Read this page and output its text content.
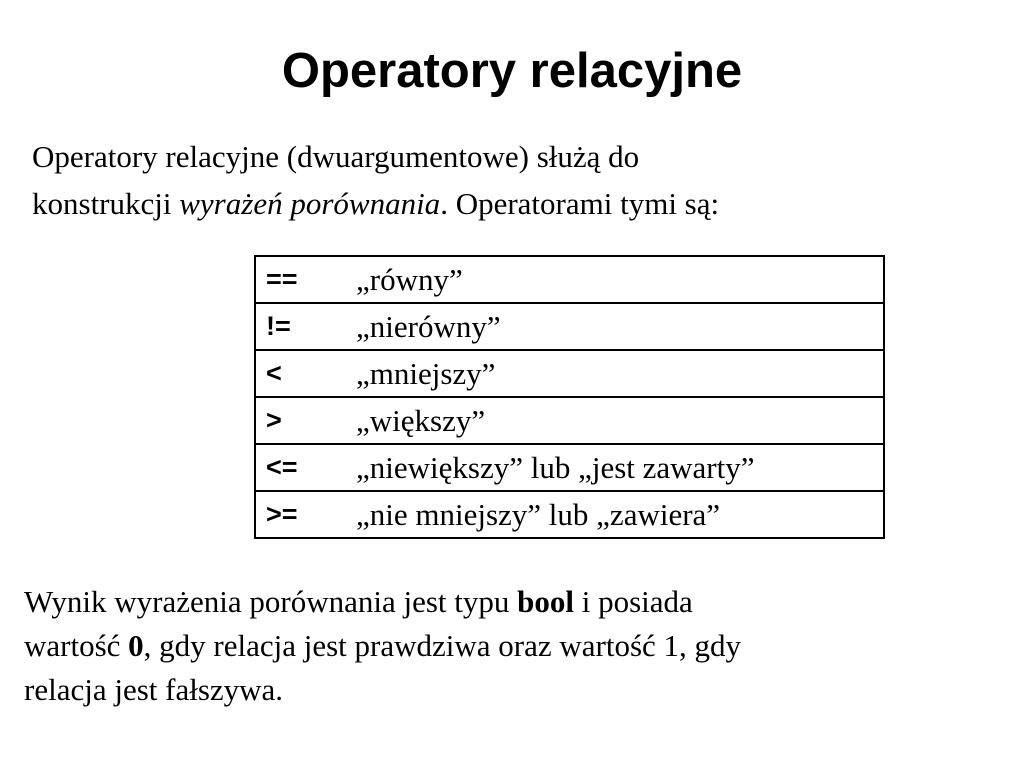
Operatory relacyjne

Operatory relacyjne (dwuargumentowe) służą do
konstrukcji wyrażeń porównania. Operatorami tymi są:

==	„równy”
!=	„nierówny”
<	„mniejszy”
>	„większy”
<=	„niewiększy” lub „jest zawarty”
>=	„nie mniejszy” lub „zawiera”

Wynik wyrażenia porównania jest typu bool i posiada
wartość 0, gdy relacja jest prawdziwa oraz wartość 1, gdy
relacja jest fałszywa.
